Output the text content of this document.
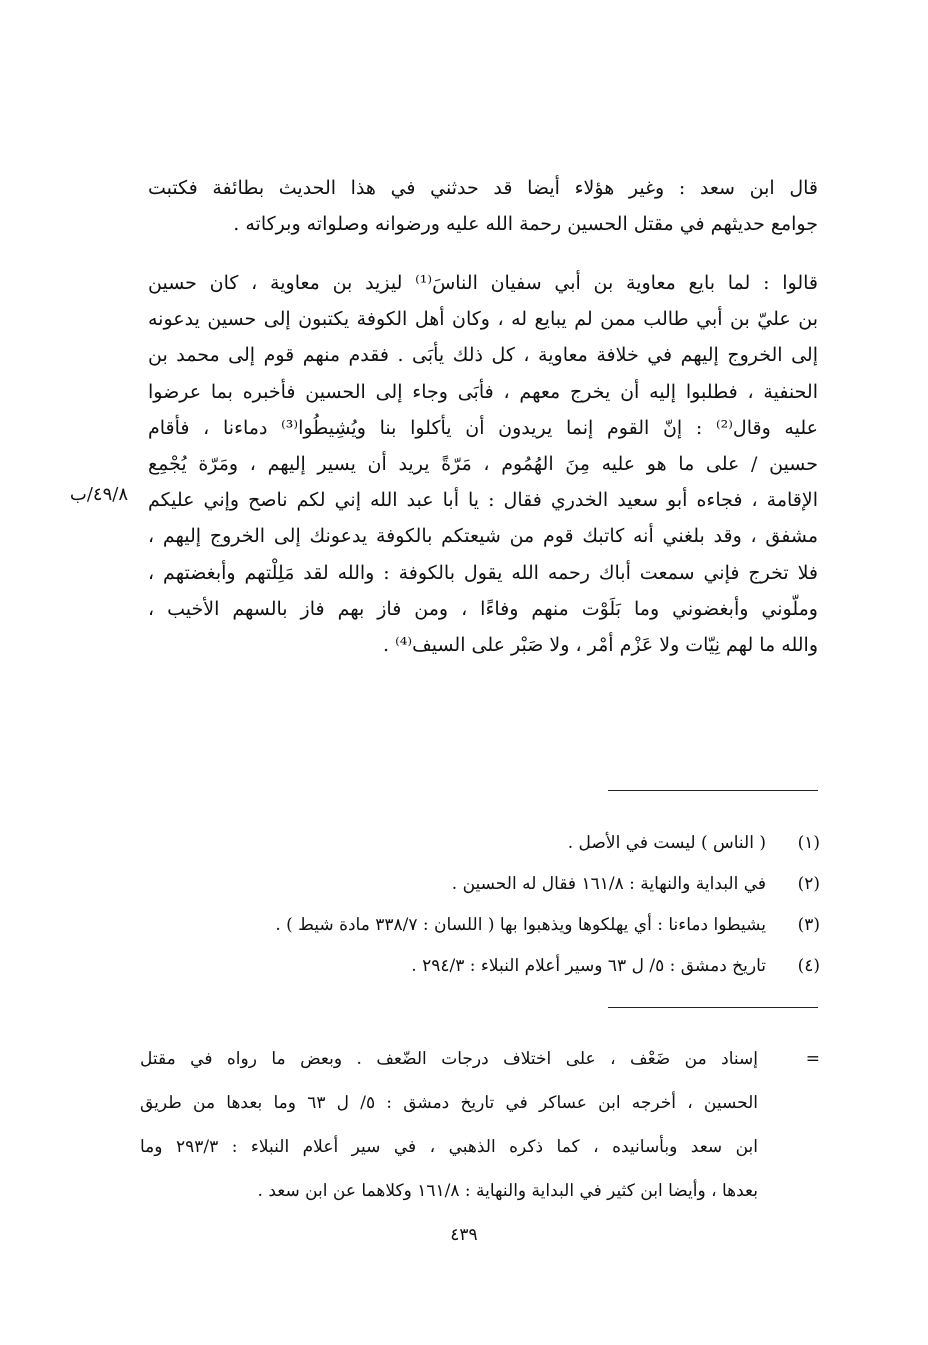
قال ابن سعد : وغير هؤلاء أيضا قد حدثني في هذا الحديث بطائفة فكتبت
جوامع حديثهم في مقتل الحسين رحمة الله عليه ورضوانه وصلواته وبركاته .
قالوا : لما بايع معاوية بن أبي سفيان الناسَ⁽¹⁾ ليزيد بن معاوية ، كان حسين
بن عليّ بن أبي طالب ممن لم يبايع له ، وكان أهل الكوفة يكتبون إلى حسين يدعونه
إلى الخروج إليهم في خلافة معاوية ، كل ذلك يأبَى . فقدم منهم قوم إلى محمد بن
الحنفية ، فطلبوا إليه أن يخرج معهم ، فأبَى وجاء إلى الحسين فأخبره بما عرضوا
عليه وقال⁽²⁾ : إنّ القوم إنما يريدون أن يأكلوا بنا ويُشِيطُوا⁽³⁾ دماءنا ، فأقام
حسين / على ما هو عليه مِنَ الهُمُوم ، مَرّةً يريد أن يسير إليهم ، ومَرّة يُجْمِع
الإقامة ، فجاءه أبو سعيد الخدري فقال : يا أبا عبد الله إني لكم ناصح وإني عليكم
مشفق ، وقد بلغني أنه كاتبك قوم من شيعتكم بالكوفة يدعونك إلى الخروج إليهم ،
فلا تخرج فإني سمعت أباك رحمه الله يقول بالكوفة : والله لقد مَلِلْتهم وأبغضتهم ،
وملّوني وأبغضوني وما بَلَوْت منهم وفاءًا ، ومن فاز بهم فاز بالسهم الأخيب ،
والله ما لهم نِيّات ولا عَزْم أمْر ، ولا صَبْر على السيف⁽⁴⁾ .
٤٩/٨/ب
(١)
( الناس ) ليست في الأصل .
(٢)
في البداية والنهاية : ١٦١/٨ فقال له الحسين .
(٣)
يشيطوا دماءنا : أي يهلكوها ويذهبوا بها ( اللسان : ٣٣٨/٧ مادة شيط ) .
(٤)
تاريخ دمشق : ٥/ ل ٦٣ وسير أعلام النبلاء : ٢٩٤/٣ .
=
إسناد من ضَعْف ، على اختلاف درجات الضّعف . وبعض ما رواه في مقتل
الحسين ، أخرجه ابن عساكر في تاريخ دمشق : ٥/ ل ٦٣ وما بعدها من طريق
ابن سعد وبأسانيده ، كما ذكره الذهبي ، في سير أعلام النبلاء : ٢٩٣/٣ وما
بعدها ، وأيضا ابن كثير في البداية والنهاية : ١٦١/٨ وكلاهما عن ابن سعد .
٤٣٩
